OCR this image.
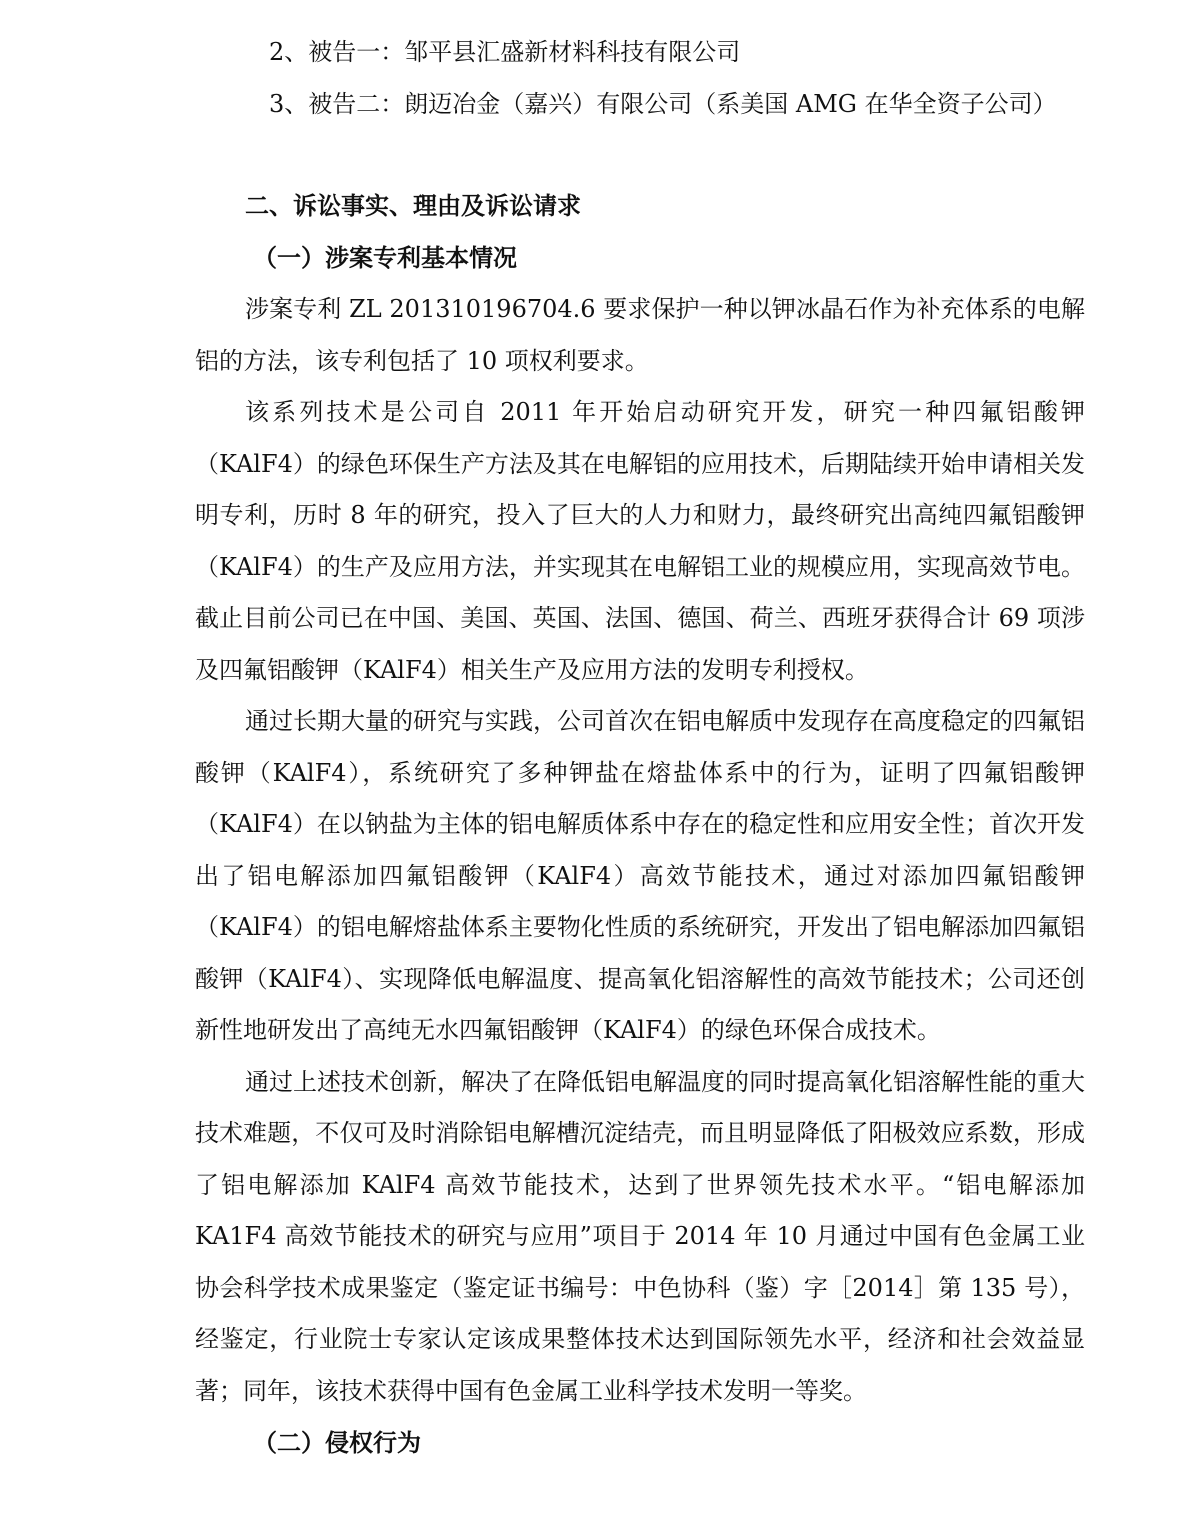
2、被告一：邹平县汇盛新材料科技有限公司
3、被告二：朗迈冶金（嘉兴）有限公司（系美国 AMG 在华全资子公司）
二、诉讼事实、理由及诉讼请求
（一）涉案专利基本情况

涉案专利 ZL 201310196704.6 要求保护一种以钾冰晶石作为补充体系的电解铝的方法，该专利包括了 10 项权利要求。

该系列技术是公司自 2011 年开始启动研究开发，研究一种四氟铝酸钾（KAlF4）的绿色环保生产方法及其在电解铝的应用技术，后期陆续开始申请相关发明专利，历时 8 年的研究，投入了巨大的人力和财力，最终研究出高纯四氟铝酸钾（KAlF4）的生产及应用方法，并实现其在电解铝工业的规模应用，实现高效节电。截止目前公司已在中国、美国、英国、法国、德国、荷兰、西班牙获得合计 69 项涉及四氟铝酸钾（KAlF4）相关生产及应用方法的发明专利授权。

通过长期大量的研究与实践，公司首次在铝电解质中发现存在高度稳定的四氟铝酸钾（KAlF4），系统研究了多种钾盐在熔盐体系中的行为，证明了四氟铝酸钾（KAlF4）在以钠盐为主体的铝电解质体系中存在的稳定性和应用安全性；首次开发出了铝电解添加四氟铝酸钾（KAlF4）高效节能技术，通过对添加四氟铝酸钾（KAlF4）的铝电解熔盐体系主要物化性质的系统研究，开发出了铝电解添加四氟铝酸钾（KAlF4）、实现降低电解温度、提高氧化铝溶解性的高效节能技术；公司还创新性地研发出了高纯无水四氟铝酸钾（KAlF4）的绿色环保合成技术。

通过上述技术创新，解决了在降低铝电解温度的同时提高氧化铝溶解性能的重大技术难题，不仅可及时消除铝电解槽沉淀结壳，而且明显降低了阳极效应系数，形成了铝电解添加 KAlF4 高效节能技术，达到了世界领先技术水平。“铝电解添加 KA1F4 高效节能技术的研究与应用”项目于 2014 年 10 月通过中国有色金属工业协会科学技术成果鉴定（鉴定证书编号：中色协科（鉴）字［2014］第 135 号），经鉴定，行业院士专家认定该成果整体技术达到国际领先水平，经济和社会效益显著；同年，该技术获得中国有色金属工业科学技术发明一等奖。

（二）侵权行为
